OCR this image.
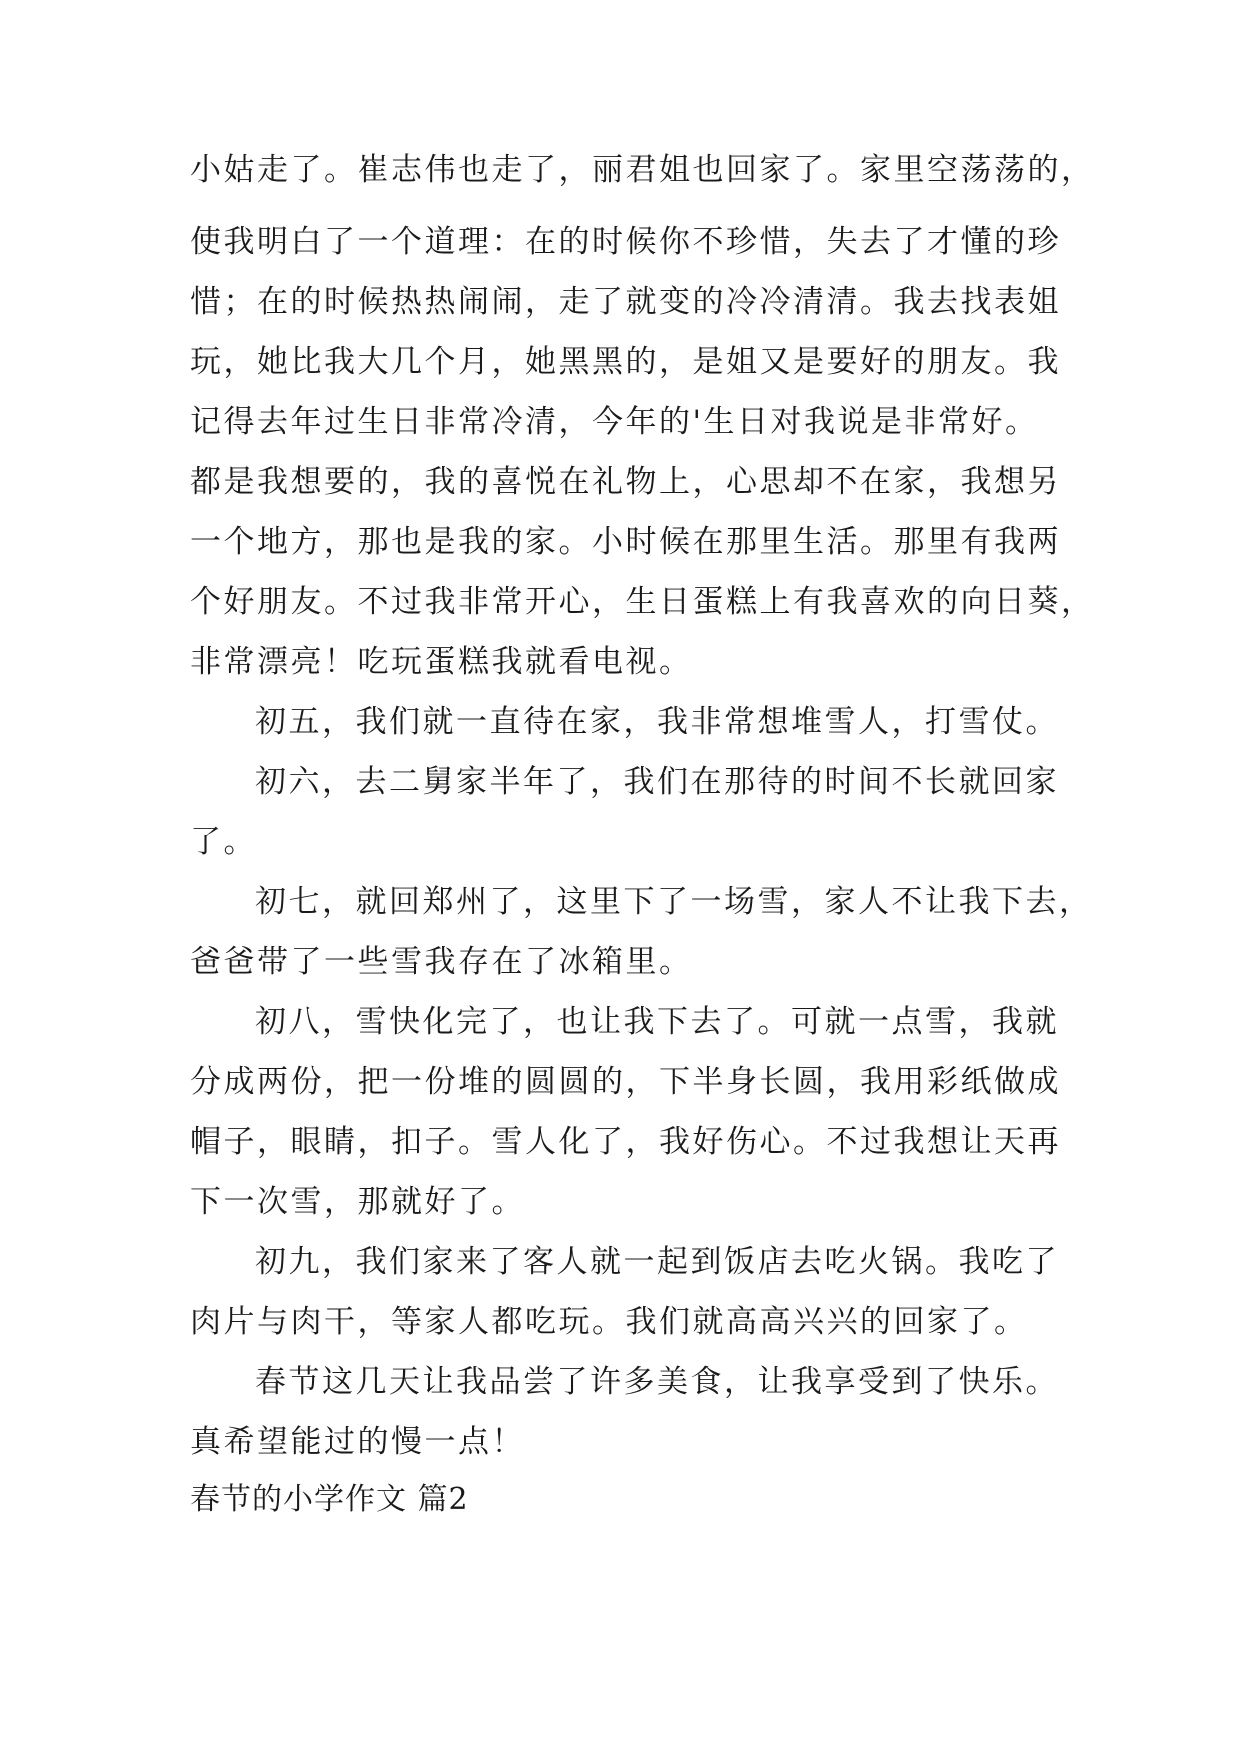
小姑走了。崔志伟也走了，丽君姐也回家了。家里空荡荡的，
使我明白了一个道理：在的时候你不珍惜，失去了才懂的珍
惜；在的时候热热闹闹，走了就变的冷冷清清。我去找表姐
玩，她比我大几个月，她黑黑的，是姐又是要好的朋友。我
记得去年过生日非常冷清，今年的'生日对我说是非常好。
都是我想要的，我的喜悦在礼物上，心思却不在家，我想另
一个地方，那也是我的家。小时候在那里生活。那里有我两
个好朋友。不过我非常开心，生日蛋糕上有我喜欢的向日葵，
非常漂亮！吃玩蛋糕我就看电视。
初五，我们就一直待在家，我非常想堆雪人，打雪仗。
初六，去二舅家半年了，我们在那待的时间不长就回家
了。
初七，就回郑州了，这里下了一场雪，家人不让我下去，
爸爸带了一些雪我存在了冰箱里。
初八，雪快化完了，也让我下去了。可就一点雪，我就
分成两份，把一份堆的圆圆的，下半身长圆，我用彩纸做成
帽子，眼睛，扣子。雪人化了，我好伤心。不过我想让天再
下一次雪，那就好了。
初九，我们家来了客人就一起到饭店去吃火锅。我吃了
肉片与肉干，等家人都吃玩。我们就高高兴兴的回家了。
春节这几天让我品尝了许多美食，让我享受到了快乐。
真希望能过的慢一点！
春节的小学作文 篇2
